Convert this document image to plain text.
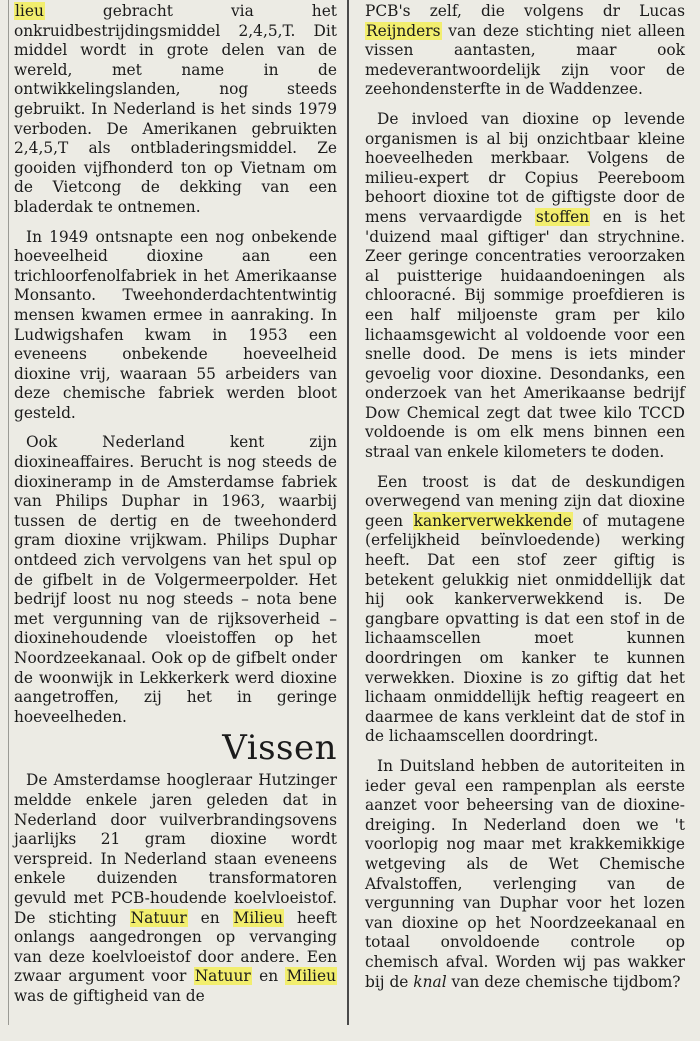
lieu gebracht via het onkruidbestrijdingsmiddel 2,4,5,T. Dit middel wordt in grote delen van de wereld, met name in de ontwikkelingslanden, nog steeds gebruikt. In Nederland is het sinds 1979 verboden. De Amerikanen gebruikten 2,4,5,T als ontbladeringsmiddel. Ze gooiden vijfhonderd ton op Vietnam om de Vietcong de dekking van een bladerdak te ontnemen.

In 1949 ontsnapte een nog onbekende hoeveelheid dioxine aan een trichloorfenolfabriek in het Amerikaanse Monsanto. Tweehonderdachtentwintig mensen kwamen ermee in aanraking. In Ludwigshafen kwam in 1953 een eveneens onbekende hoeveelheid dioxine vrij, waaraan 55 arbeiders van deze chemische fabriek werden bloot gesteld.

Ook Nederland kent zijn dioxineaffaires. Berucht is nog steeds de dioxineramp in de Amsterdamse fabriek van Philips Duphar in 1963, waarbij tussen de dertig en de tweehonderd gram dioxine vrijkwam. Philips Duphar ontdeed zich vervolgens van het spul op de gifbelt in de Volgermeerpolder. Het bedrijf loost nu nog steeds – nota bene met vergunning van de rijksoverheid – dioxinehoudende vloeistoffen op het Noordzeekanaal. Ook op de gifbelt onder de woonwijk in Lekkerkerk werd dioxine aangetroffen, zij het in geringe hoeveelheden.

Vissen

De Amsterdamse hoogleraar Hutzinger meldde enkele jaren geleden dat in Nederland door vuilverbrandingsovens jaarlijks 21 gram dioxine wordt verspreid. In Nederland staan eveneens enkele duizenden transformatoren gevuld met PCB-houdende koelvloeistof. De stichting Natuur en Milieu heeft onlangs aangedrongen op vervanging van deze koelvloeistof door andere. Een zwaar argument voor Natuur en Milieu was de giftigheid van de

PCB's zelf, die volgens dr Lucas Reijnders van deze stichting niet alleen vissen aantasten, maar ook medeverantwoordelijk zijn voor de zeehondensterfte in de Waddenzee.

De invloed van dioxine op levende organismen is al bij onzichtbaar kleine hoeveelheden merkbaar. Volgens de milieu-expert dr Copius Peereboom behoort dioxine tot de giftigste door de mens vervaardigde stoffen en is het 'duizend maal giftiger' dan strychnine. Zeer geringe concentraties veroorzaken al puistterige huidaandoeningen als chlooracné. Bij sommige proefdieren is een half miljoenste gram per kilo lichaamsgewicht al voldoende voor een snelle dood. De mens is iets minder gevoelig voor dioxine. Desondanks, een onderzoek van het Amerikaanse bedrijf Dow Chemical zegt dat twee kilo TCCD voldoende is om elk mens binnen een straal van enkele kilometers te doden.

Een troost is dat de deskundigen overwegend van mening zijn dat dioxine geen kankerverwekkende of mutagene (erfelijkheid beïnvloedende) werking heeft. Dat een stof zeer giftig is betekent gelukkig niet onmiddellijk dat hij ook kankerverwekkend is. De gangbare opvatting is dat een stof in de lichaamscellen moet kunnen doordringen om kanker te kunnen verwekken. Dioxine is zo giftig dat het lichaam onmiddellijk heftig reageert en daarmee de kans verkleint dat de stof in de lichaamscellen doordringt.

In Duitsland hebben de autoriteiten in ieder geval een rampenplan als eerste aanzet voor beheersing van de dioxine-dreiging. In Nederland doen we 't voorlopig nog maar met krakkemikkige wetgeving als de Wet Chemische Afvalstoffen, verlenging van de vergunning van Duphar voor het lozen van dioxine op het Noordzeekanaal en totaal onvoldoende controle op chemisch afval. Worden wij pas wakker bij de knal van deze chemische tijdbom?
